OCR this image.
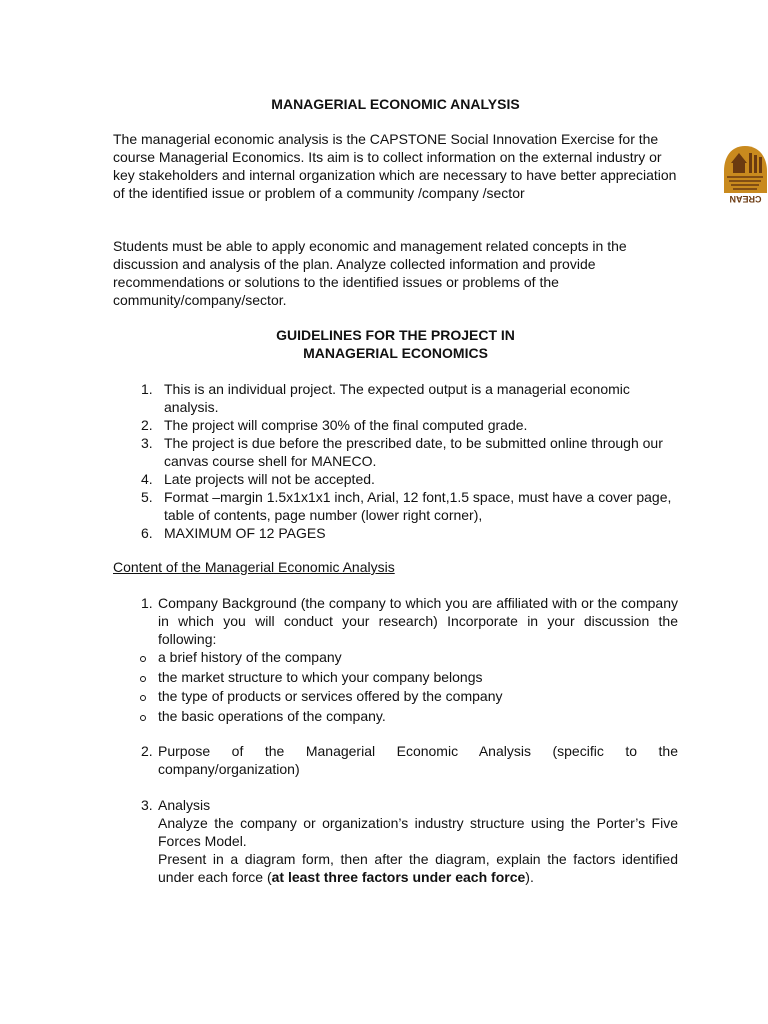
MANAGERIAL ECONOMIC ANALYSIS
The managerial economic analysis is the CAPSTONE Social Innovation Exercise for the course Managerial Economics. Its aim is to collect information on the external industry or key stakeholders and internal organization which are necessary to have better appreciation of the identified issue or problem of a community /company /sector
Students must be able to apply economic and management related concepts in the discussion and analysis of the plan. Analyze collected information and provide recommendations or solutions to the identified issues or problems of the community/company/sector.
GUIDELINES FOR THE PROJECT IN
MANAGERIAL ECONOMICS
1. This is an individual project. The expected output is a managerial economic analysis.
2. The project will comprise 30% of the final computed grade.
3. The project is due before the prescribed date, to be submitted online through our canvas course shell for MANECO.
4. Late projects will not be accepted.
5. Format –margin 1.5x1x1x1 inch, Arial, 12 font,1.5 space, must have a cover page, table of contents, page number (lower right corner),
6. MAXIMUM OF 12 PAGES
Content of the Managerial Economic Analysis
1. Company Background (the company to which you are affiliated with or the company in which you will conduct your research) Incorporate in your discussion the following:
a brief history of the company
the market structure to which your company belongs
the type of products or services offered by the company
the basic operations of the company.
2. Purpose of the Managerial Economic Analysis (specific to the company/organization)
3. Analysis
Analyze the company or organization’s industry structure using the Porter’s Five Forces Model.
Present in a diagram form, then after the diagram, explain the factors identified under each force (at least three factors under each force).
CREAN
